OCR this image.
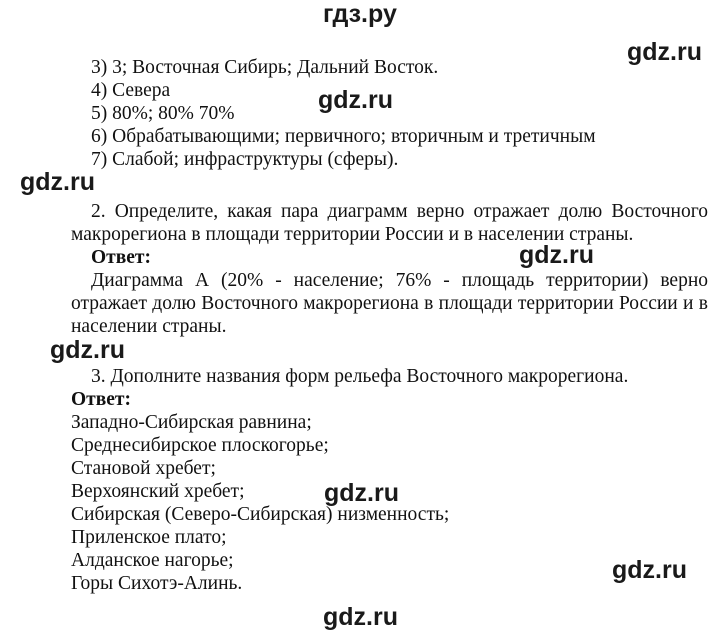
гдз.ру
gdz.ru
gdz.ru
gdz.ru
gdz.ru
gdz.ru
gdz.ru
gdz.ru
gdz.ru
3) 3; Восточная Сибирь; Дальний Восток.
4) Севера
5) 80%; 80% 70%
6) Обрабатывающими; первичного; вторичным и третичным
7) Слабой; инфраструктуры (сферы).
2. Определите, какая пара диаграмм верно отражает долю Восточного макрорегиона в площади территории России и в населении страны.
Ответ:
Диаграмма А (20% - население; 76% - площадь территории) верно отражает долю Восточного макрорегиона в площади территории России и в населении страны.
3. Дополните названия форм рельефа Восточного макрорегиона.
Ответ:
Западно-Сибирская равнина;
Среднесибирское плоскогорье;
Становой хребет;
Верхоянский хребет;
Сибирская (Северо-Сибирская) низменность;
Приленское плато;
Алданское нагорье;
Горы Сихотэ-Алинь.
